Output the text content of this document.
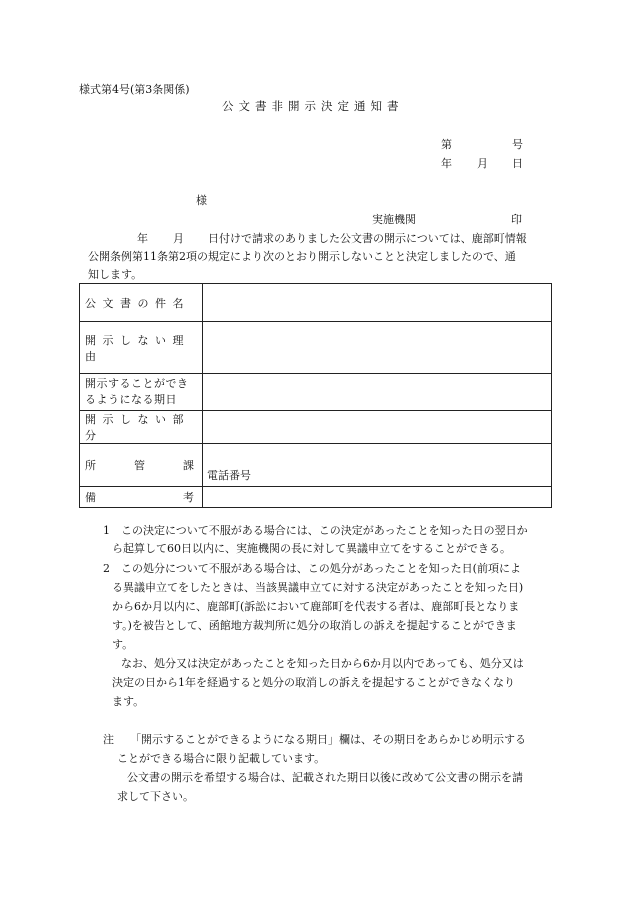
様式第4号(第3条関係)
公文書非開示決定通知書
第	号
年 月 日
様
実施機関	印
年 月 日付けで請求のありました公文書の開示については、鹿部町情報
公開条例第11条第2項の規定により次のとおり開示しないことと決定しましたので、通
知します。
公文書の件名	
開示しない理由	
開示することができ
るようになる期日	
開示しない部分	

所 管 課	電話番号

備 考	

1 この決定について不服がある場合には、この決定があったことを知った日の翌日か
ら起算して60日以内に、実施機関の長に対して異議申立てをすることができる。
2 この処分について不服がある場合は、この処分があったことを知った日(前項によ
る異議申立てをしたときは、当該異議申立てに対する決定があったことを知った日)
から6か月以内に、鹿部町(訴訟において鹿部町を代表する者は、鹿部町長となりま
す。)を被告として、函館地方裁判所に処分の取消しの訴えを提起することができま
す。
なお、処分又は決定があったことを知った日から6か月以内であっても、処分又は
決定の日から1年を経過すると処分の取消しの訴えを提起することができなくなり
ます。
注 「開示することができるようになる期日」欄は、その期日をあらかじめ明示する
ことができる場合に限り記載しています。
公文書の開示を希望する場合は、記載された期日以後に改めて公文書の開示を請
求して下さい。
